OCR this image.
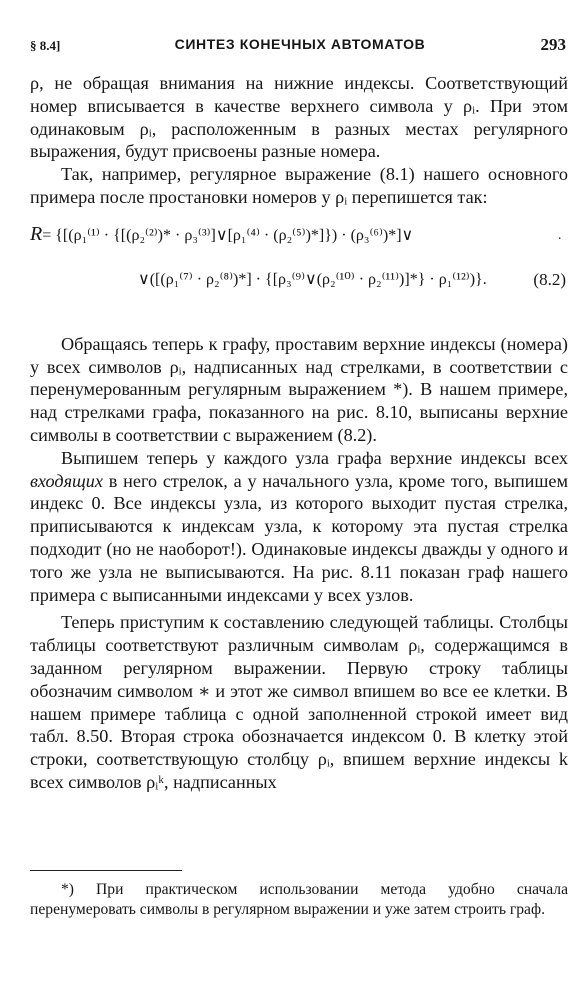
§ 8.4]	СИНТЕЗ КОНЕЧНЫХ АВТОМАТОВ	293

ρ, не обращая внимания на нижние индексы. Соответствующий номер вписывается в качестве верхнего символа у ρᵢ. При этом одинаковым ρᵢ, расположенным в разных местах регулярного выражения, будут присвоены разные номера.

Так, например, регулярное выражение (8.1) нашего основного примера после простановки номеров у ρᵢ перепишется так:

R= {[(ρ₁⁽¹⁾ · {[(ρ₂⁽²⁾)* · ρ₃⁽³⁾]∨[ρ₁⁽⁴⁾ · (ρ₂⁽⁵⁾)*]}) · (ρ₃⁽⁶⁾)*]∨	·
∨([(ρ₁⁽⁷⁾ · ρ₂⁽⁸⁾)*] · {[ρ₃⁽⁹⁾∨(ρ₂⁽¹⁰⁾ · ρ₂⁽¹¹⁾)]*} · ρ₁⁽¹²⁾)}.	(8.2)

Обращаясь теперь к графу, проставим верхние индексы (номера) у всех символов ρᵢ, надписанных над стрелками, в соответствии с перенумерованным регулярным выражением *). В нашем примере, над стрелками графа, показанного на рис. 8.10, выписаны верхние символы в соответствии с выражением (8.2).

Выпишем теперь у каждого узла графа верхние индексы всех входящих в него стрелок, а у начального узла, кроме того, выпишем индекс 0. Все индексы узла, из которого выходит пустая стрелка, приписываются к индексам узла, к которому эта пустая стрелка подходит (но не наоборот!). Одинаковые индексы дважды у одного и того же узла не выписываются. На рис. 8.11 показан граф нашего примера с выписанными индексами у всех узлов.

Теперь приступим к составлению следующей таблицы. Столбцы таблицы соответствуют различным символам ρᵢ, содержащимся в заданном регулярном выражении. Первую строку таблицы обозначим символом ∗ и этот же символ впишем во все ее клетки. В нашем примере таблица с одной заполненной строкой имеет вид табл. 8.50. Вторая строка обозначается индексом 0. В клетку этой строки, соответствующую столбцу ρᵢ, впишем верхние индексы k всех символов ρᵢᵏ, надписанных

*) При практическом использовании метода удобно сначала перенумеровать символы в регулярном выражении и уже затем строить граф.
